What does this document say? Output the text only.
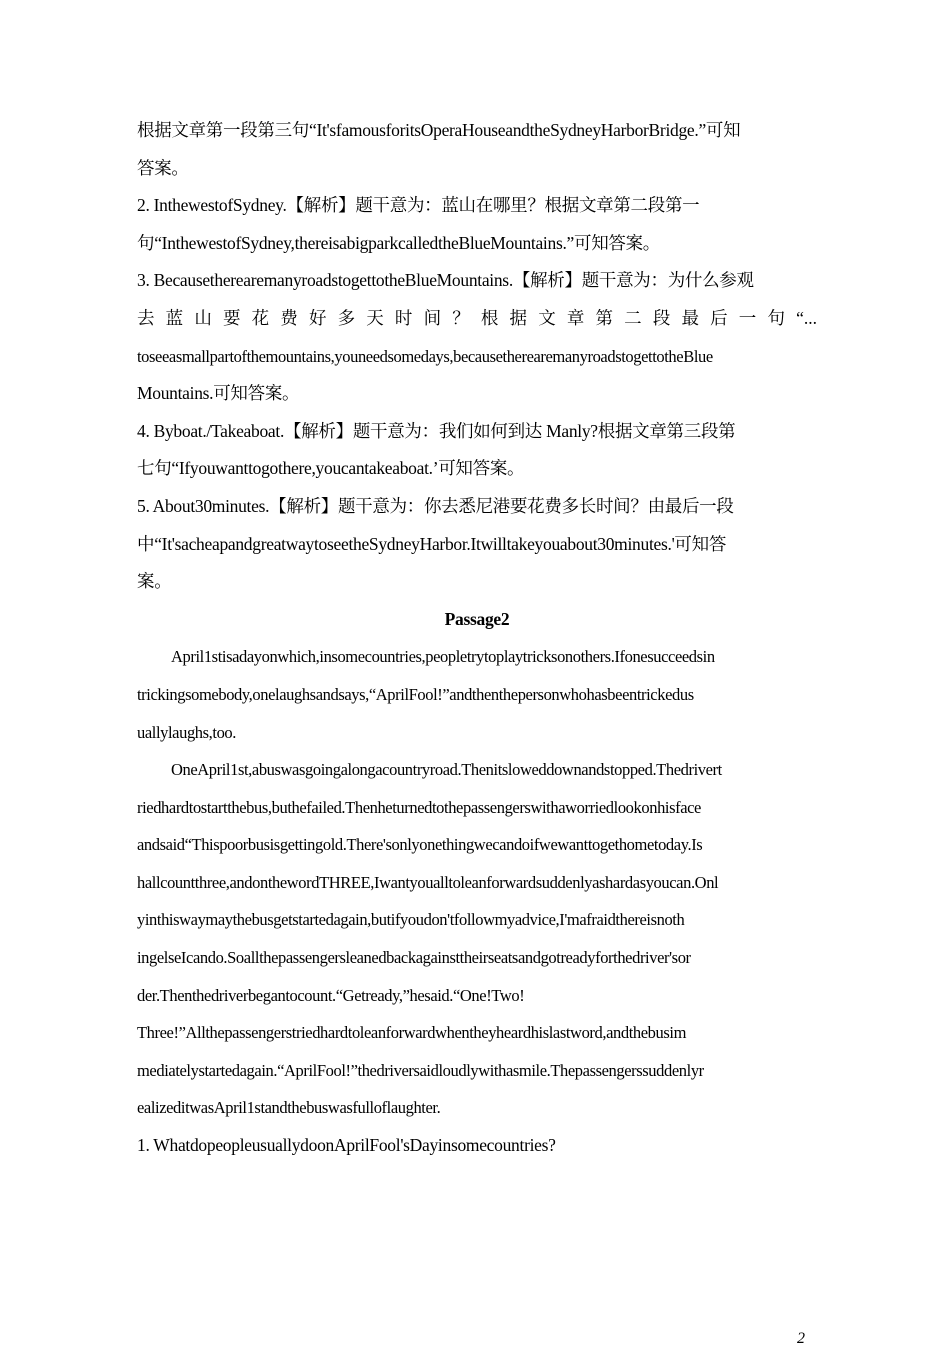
根据文章第一段第三句“It'sfamousforitsOperaHouseandtheSydneyHarborBridge.”可知
答案。
2. InthewestofSydney.【解析】题干意为：蓝山在哪里？根据文章第二段第一
句“InthewestofSydney,thereisabigparkcalledtheBlueMountains.”可知答案。
3. BecausetherearemanyroadstogettotheBlueMountains.【解析】题干意为：为什么参观
去蓝山要花费好多天时间？根据文章第二段最后一句“...
toseeasmallpartofthemountains,youneedsomedays,becausetherearemanyroadstogettotheBlue
Mountains.可知答案。
4. Byboat./Takeaboat.【解析】题干意为：我们如何到达 Manly?根据文章第三段第
七句“Ifyouwanttogothere,youcantakeaboat.’可知答案。
5. About30minutes.【解析】题干意为：你去悉尼港要花费多长时间？由最后一段
中“It'sacheapandgreatwaytoseetheSydneyHarbor.Itwilltakeyouabout30minutes.'可知答
案。
Passage2
April1stisadayonwhich,insomecountries,peopletrytoplaytricksonothers.Ifonesucceedsin
trickingsomebody,onelaughsandsays,“AprilFool!”andthenthepersonwhohasbeentrickedus
uallylaughs,too.
OneApril1st,abuswasgoingalongacountryroad.Thenitsloweddownandstopped.Thedrivert
riedhardtostartthebus,buthefailed.Thenheturnedtothepassengerswithaworriedlookonhisface
andsaid“Thispoorbusisgettingold.There'sonlyonethingwecandoifwewanttogethometoday.Is
hallcountthree,andonthewordTHREE,Iwantyoualltoleanforwardsuddenlyashardasyoucan.Onl
yinthiswaymaythebusgetstartedagain,butifyoudon'tfollowmyadvice,I'mafraidthereisnoth
ingelseIcando.Soallthepassengersleanedbackagainsttheirseatsandgotreadyforthedriver'sor
der.Thenthedriverbegantocount.“Getready,”hesaid.“One!Two!
Three!”Allthepassengerstriedhardtoleanforwardwhentheyheardhislastword,andthebusim
mediatelystartedagain.“AprilFool!”thedriversaidloudlywithasmile.Thepassengerssuddenlyr
ealizeditwasApril1standthebuswasfulloflaughter.
1. WhatdopeopleusuallydoonAprilFool'sDayinsomecountries?
2
